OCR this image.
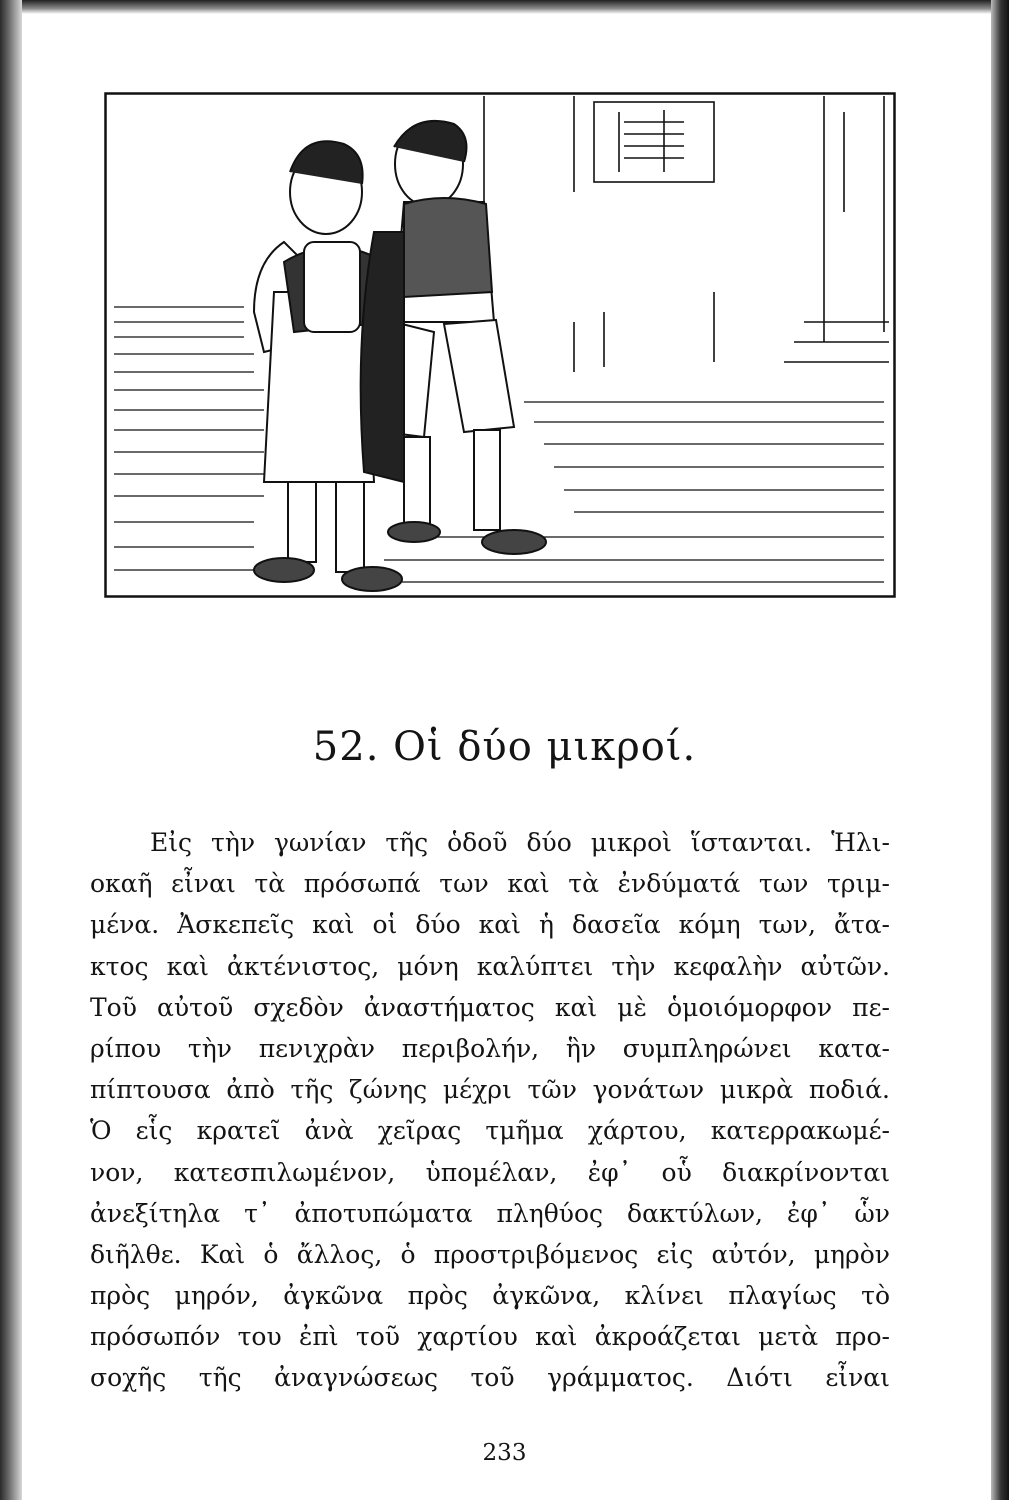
52. Οἱ δύο μικροί.
Εἰς τὴν γωνίαν τῆς ὁδοῦ δύο μικροὶ ἵστανται. Ἡλι-
οκαῆ εἶναι τὰ πρόσωπά των καὶ τὰ ἐνδύματά των τριμ-
μένα. Ἀσκεπεῖς καὶ οἱ δύο καὶ ἡ δασεῖα κόμη των, ἄτα-
κτος καὶ ἀκτένιστος, μόνη καλύπτει τὴν κεφαλὴν αὐτῶν.
Τοῦ αὐτοῦ σχεδὸν ἀναστήματος καὶ μὲ ὁμοιόμορφον πε-
ρίπου τὴν πενιχρὰν περιβολήν, ἣν συμπληρώνει κατα-
πίπτουσα ἀπὸ τῆς ζώνης μέχρι τῶν γονάτων μικρὰ ποδιά.
Ὁ εἷς κρατεῖ ἀνὰ χεῖρας τμῆμα χάρτου, κατερρακωμέ-
νον, κατεσπιλωμένον, ὑπομέλαν, ἐφ᾽ οὗ διακρίνονται
ἀνεξίτηλα τ᾽ ἀποτυπώματα πληθύος δακτύλων, ἐφ᾽ ὧν
διῆλθε. Καὶ ὁ ἄλλος, ὁ προστριβόμενος εἰς αὐτόν, μηρὸν
πρὸς μηρόν, ἀγκῶνα πρὸς ἀγκῶνα, κλίνει πλαγίως τὸ
πρόσωπόν του ἐπὶ τοῦ χαρτίου καὶ ἀκροάζεται μετὰ προ-
σοχῆς τῆς ἀναγνώσεως τοῦ γράμματος. Διότι εἶναι
233
